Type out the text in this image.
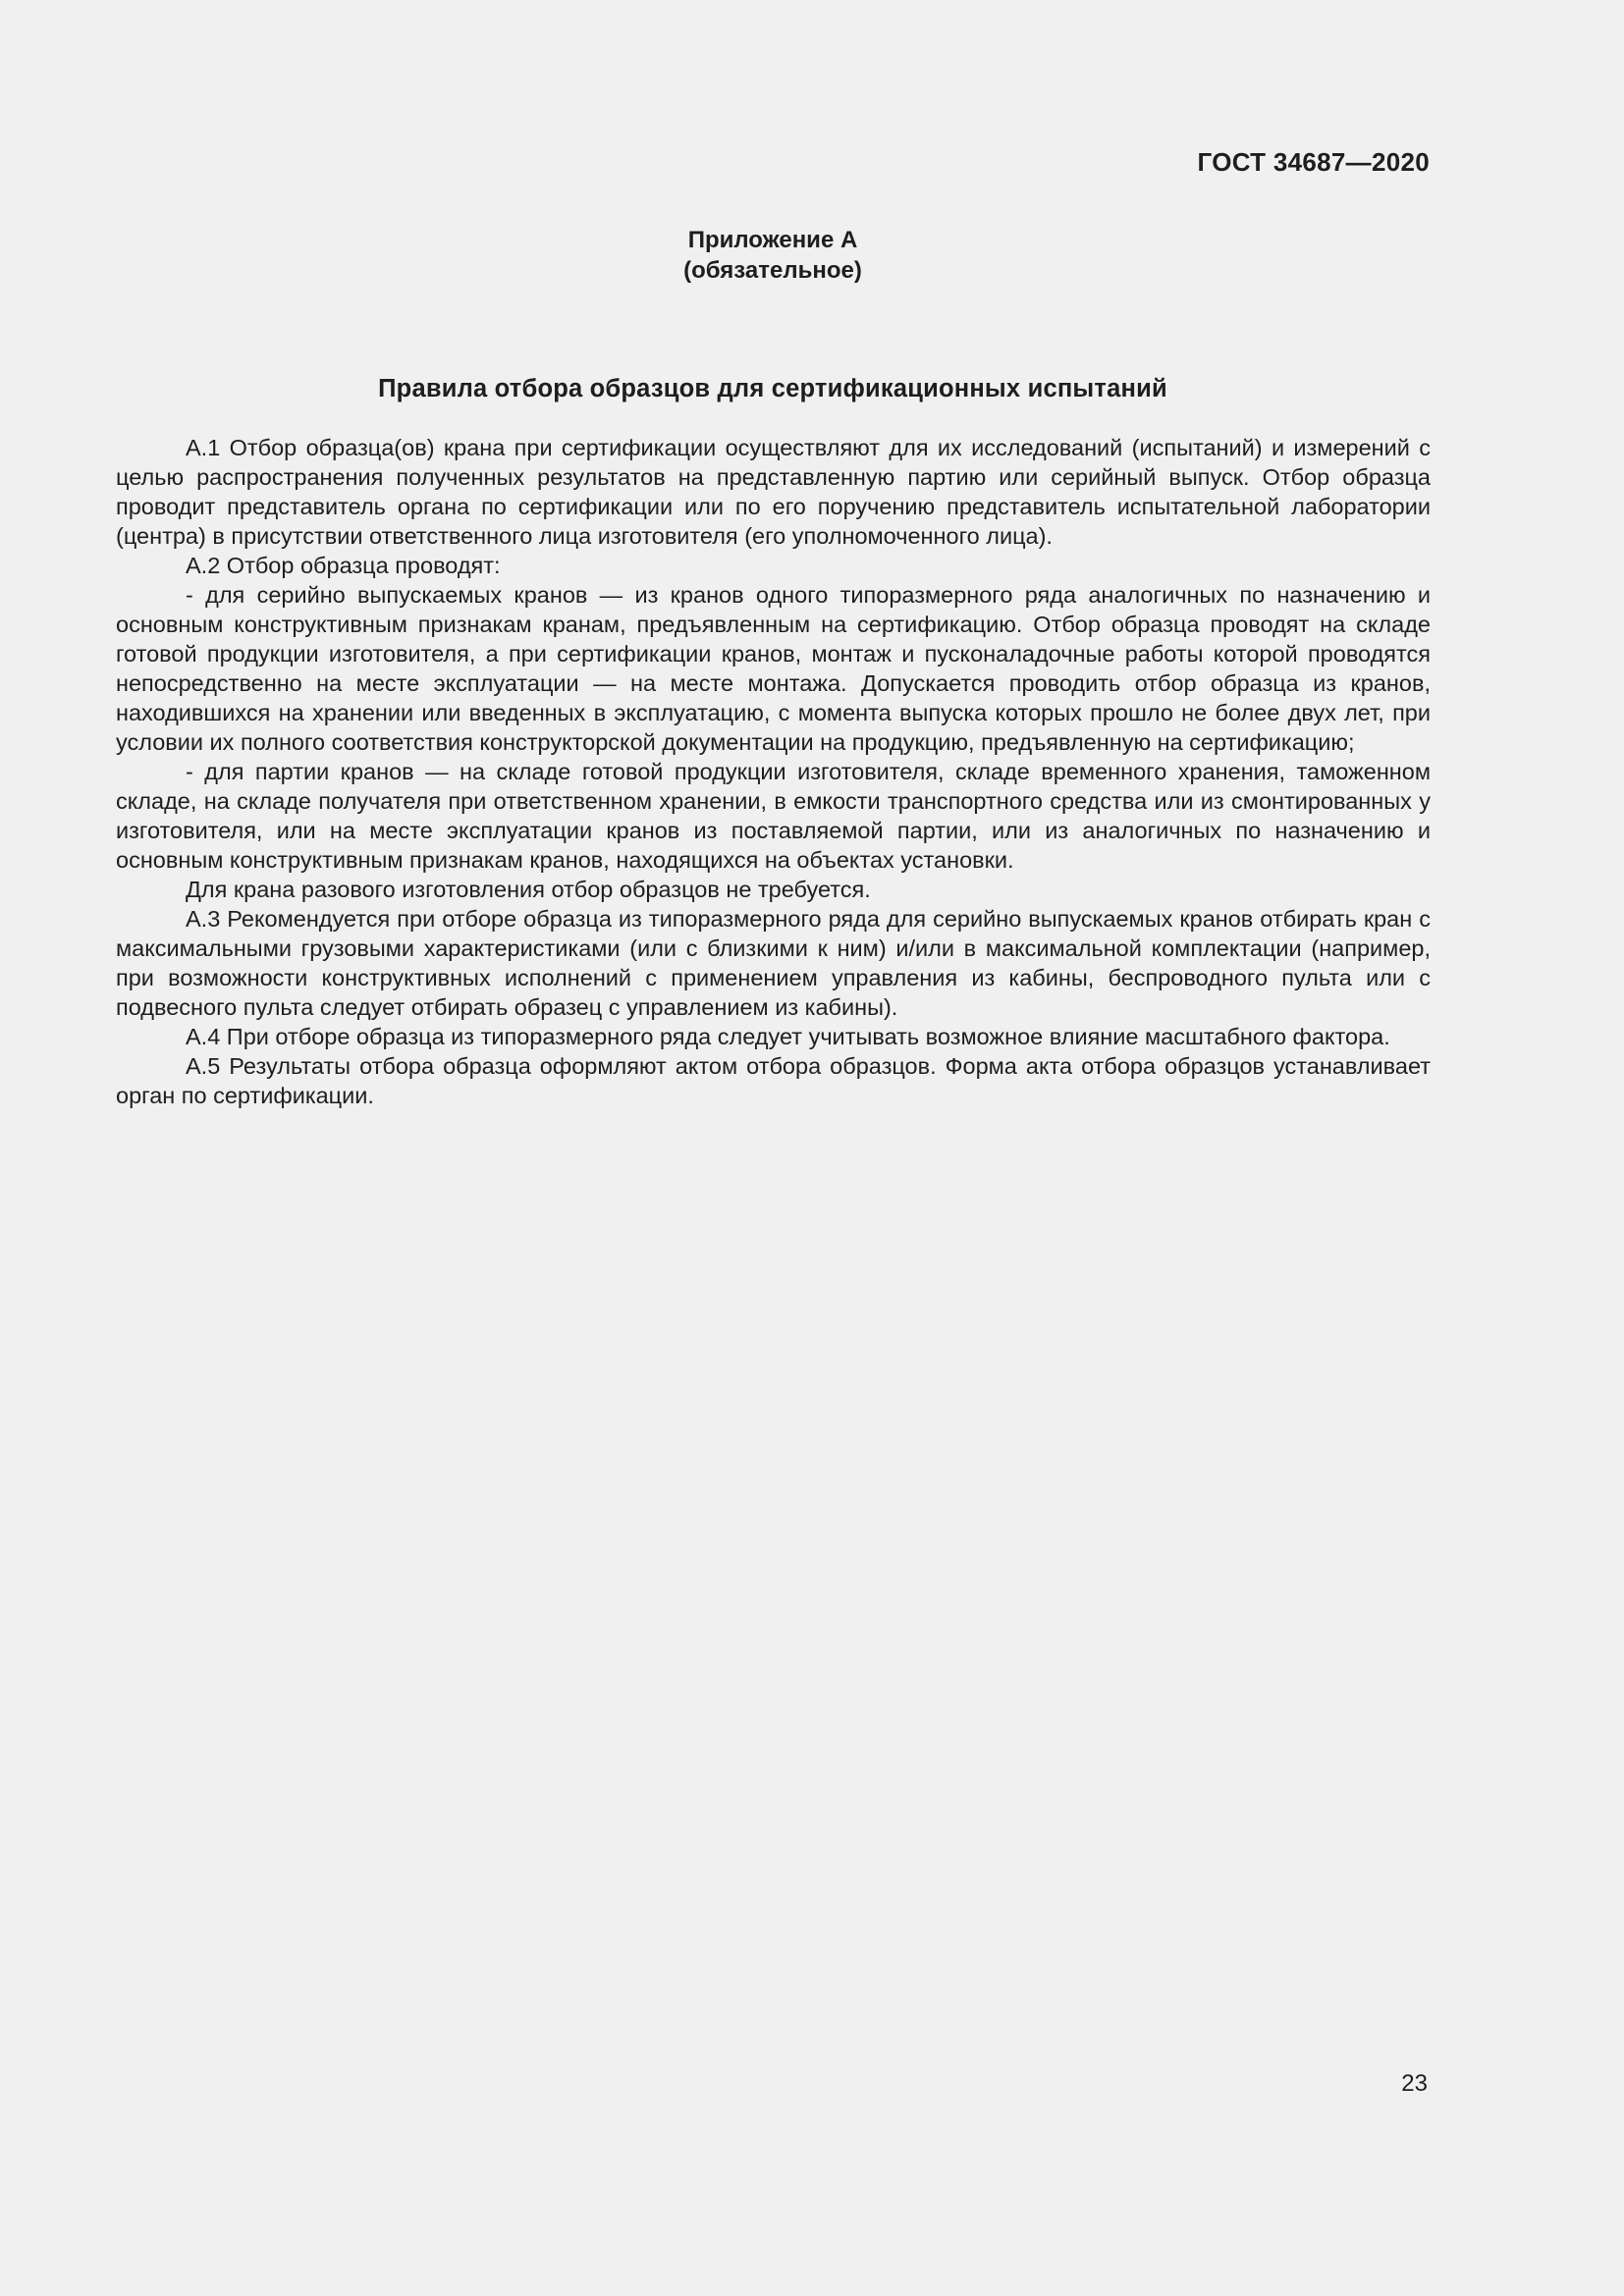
ГОСТ 34687—2020
Приложение А
(обязательное)
Правила отбора образцов для сертификационных испытаний

А.1 Отбор образца(ов) крана при сертификации осуществляют для их исследований (испытаний) и измерений с целью распространения полученных результатов на представленную партию или серийный выпуск. Отбор образца проводит представитель органа по сертификации или по его поручению представитель испытательной лаборатории (центра) в присутствии ответственного лица изготовителя (его уполномоченного лица).

А.2 Отбор образца проводят:

- для серийно выпускаемых кранов — из кранов одного типоразмерного ряда аналогичных по назначению и основным конструктивным признакам кранам, предъявленным на сертификацию. Отбор образца проводят на складе готовой продукции изготовителя, а при сертификации кранов, монтаж и пусконаладочные работы которой проводятся непосредственно на месте эксплуатации — на месте монтажа. Допускается проводить отбор образца из кранов, находившихся на хранении или введенных в эксплуатацию, с момента выпуска которых прошло не более двух лет, при условии их полного соответствия конструкторской документации на продукцию, предъявленную на сертификацию;

- для партии кранов — на складе готовой продукции изготовителя, складе временного хранения, таможенном складе, на складе получателя при ответственном хранении, в емкости транспортного средства или из смонтированных у изготовителя, или на месте эксплуатации кранов из поставляемой партии, или из аналогичных по назначению и основным конструктивным признакам кранов, находящихся на объектах установки.

Для крана разового изготовления отбор образцов не требуется.

А.3 Рекомендуется при отборе образца из типоразмерного ряда для серийно выпускаемых кранов отбирать кран с максимальными грузовыми характеристиками (или с близкими к ним) и/или в максимальной комплектации (например, при возможности конструктивных исполнений с применением управления из кабины, беспроводного пульта или с подвесного пульта следует отбирать образец с управлением из кабины).

А.4 При отборе образца из типоразмерного ряда следует учитывать возможное влияние масштабного фактора.

А.5 Результаты отбора образца оформляют актом отбора образцов. Форма акта отбора образцов устанавливает орган по сертификации.

23
